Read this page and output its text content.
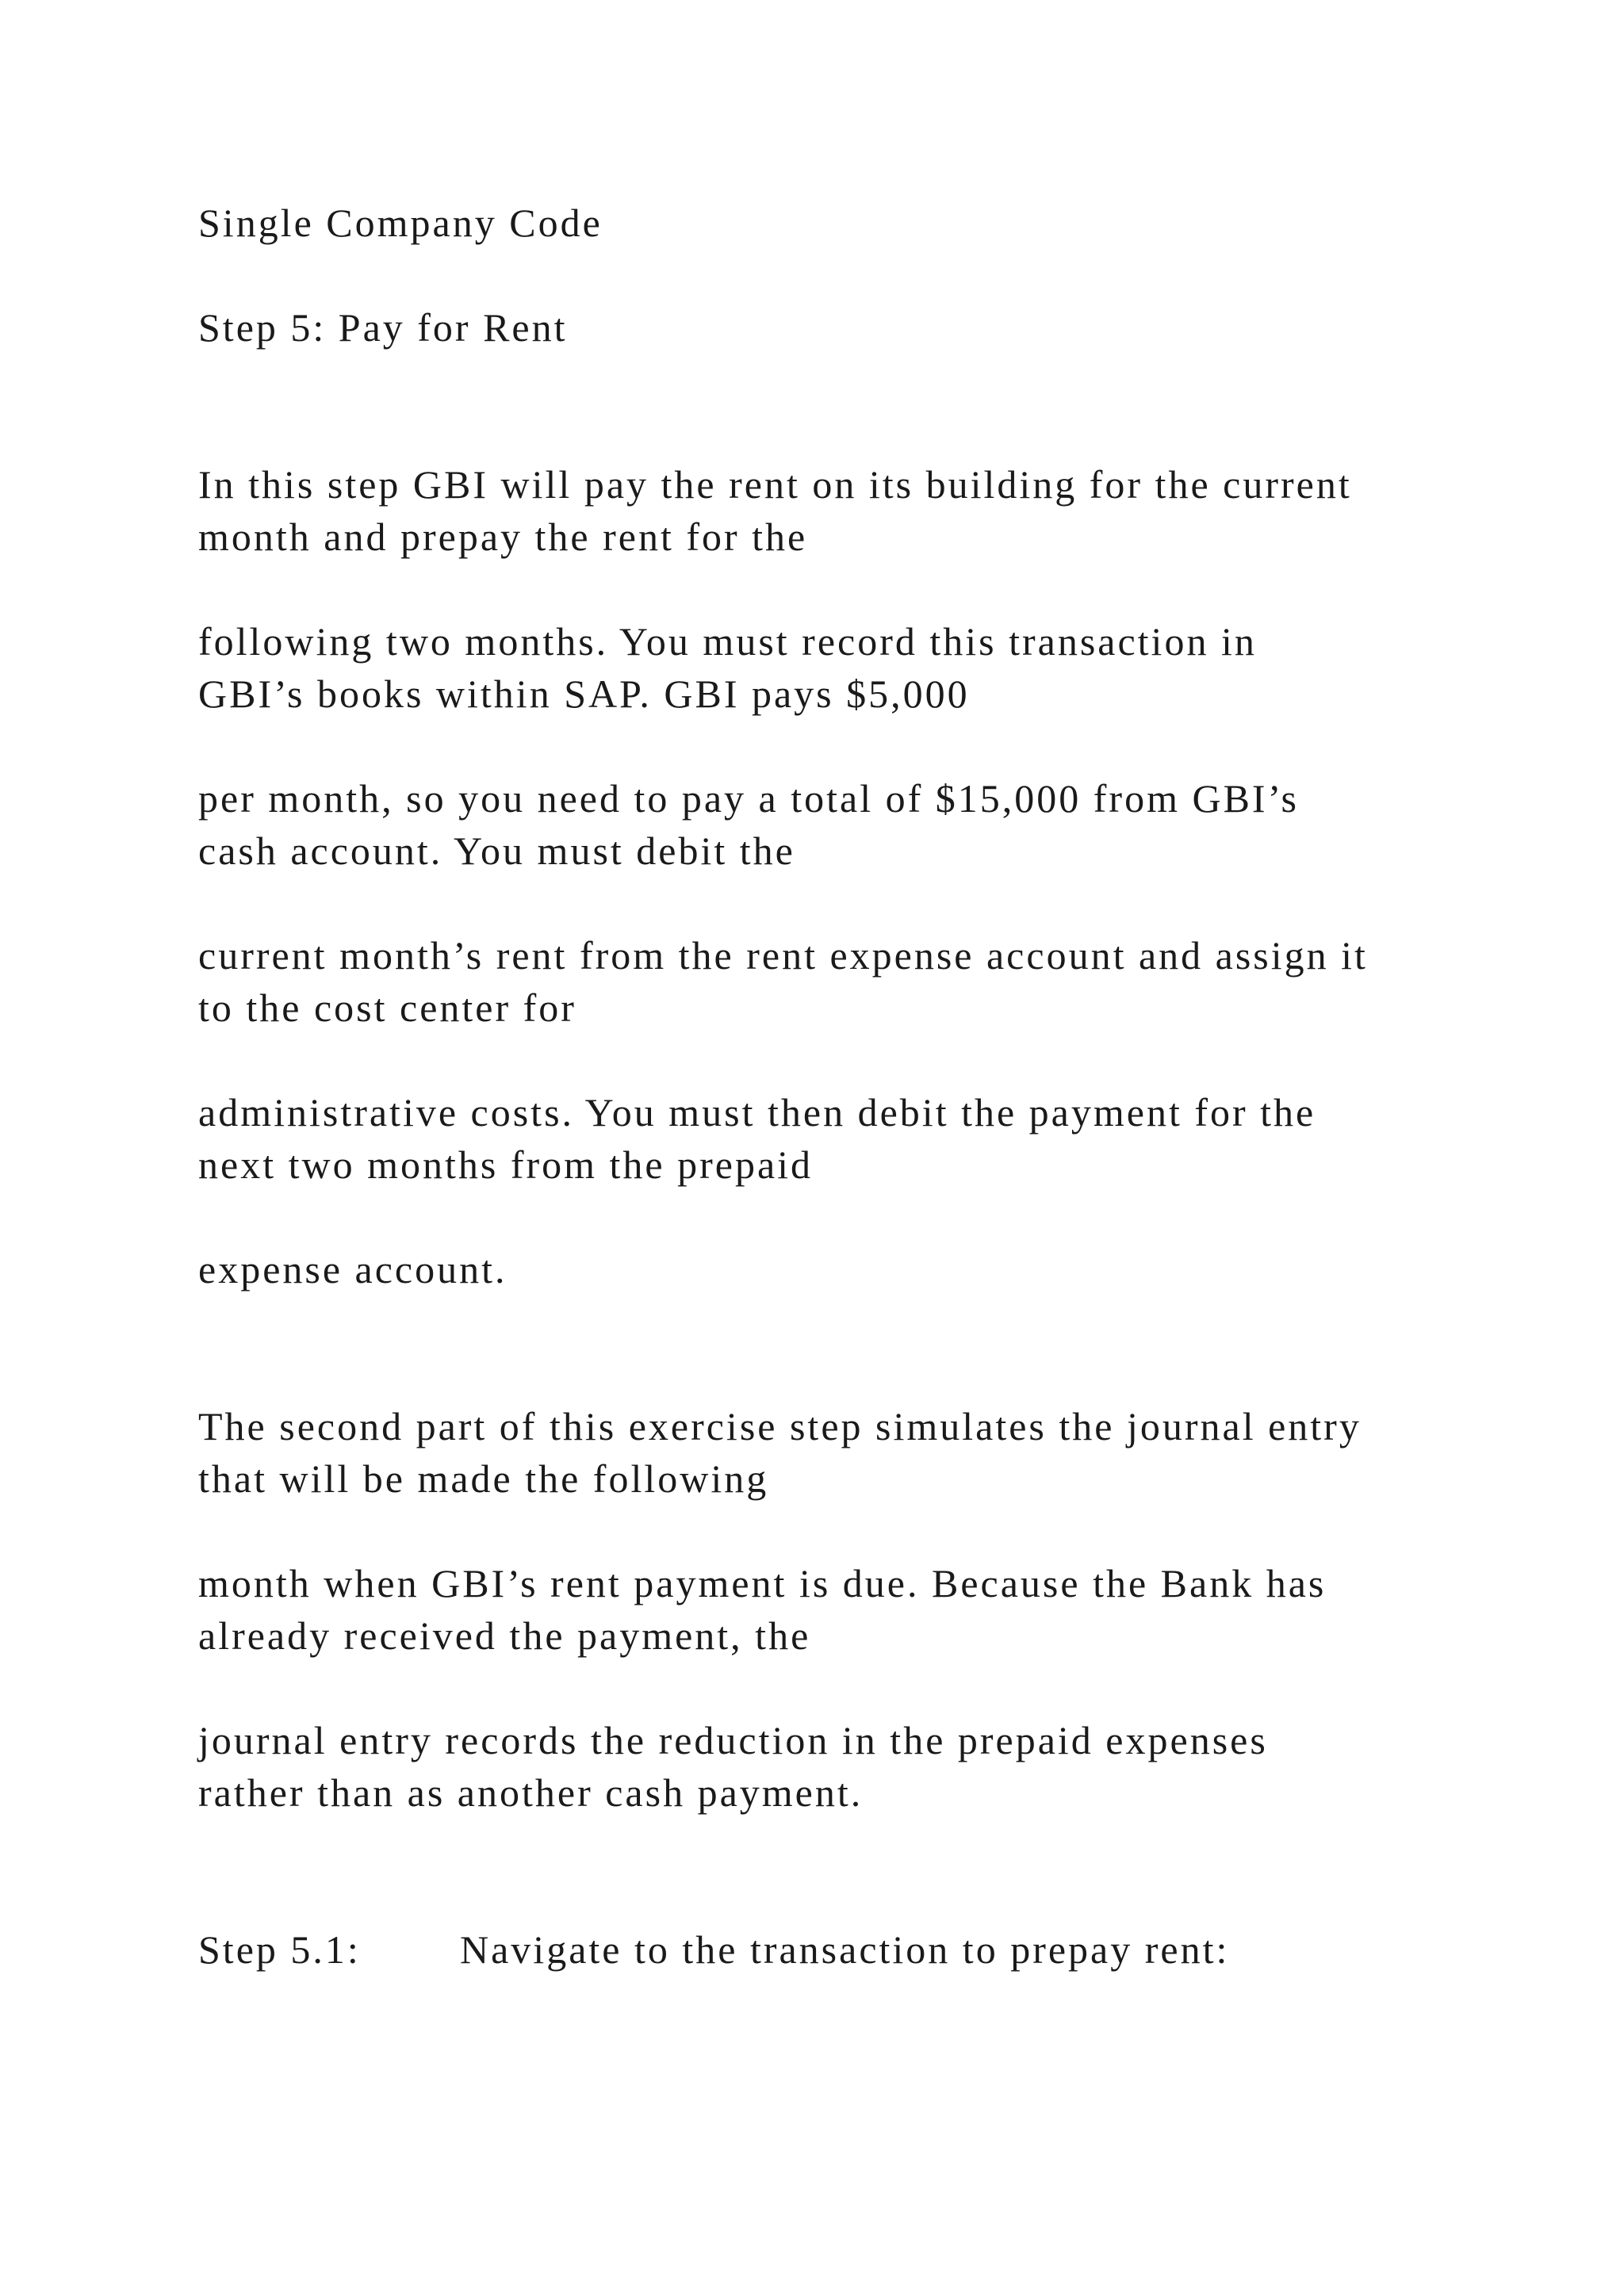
Single Company Code

Step 5: Pay for Rent

In this step GBI will pay the rent on its building for the current

month and prepay the rent for the

following two months. You must record this transaction in

GBI’s books within SAP. GBI pays $5,000

per month, so you need to pay a total of $15,000 from GBI’s

cash account. You must debit the

current month’s rent from the rent expense account and assign it

to the cost center for

administrative costs. You must then debit the payment for the

next two months from the prepaid

expense account.

The second part of this exercise step simulates the journal entry

that will be made the following

month when GBI’s rent payment is due. Because the Bank has

already received the payment, the

journal entry records the reduction in the prepaid expenses

rather than as another cash payment.

Step 5.1:	Navigate to the transaction to prepay rent:
